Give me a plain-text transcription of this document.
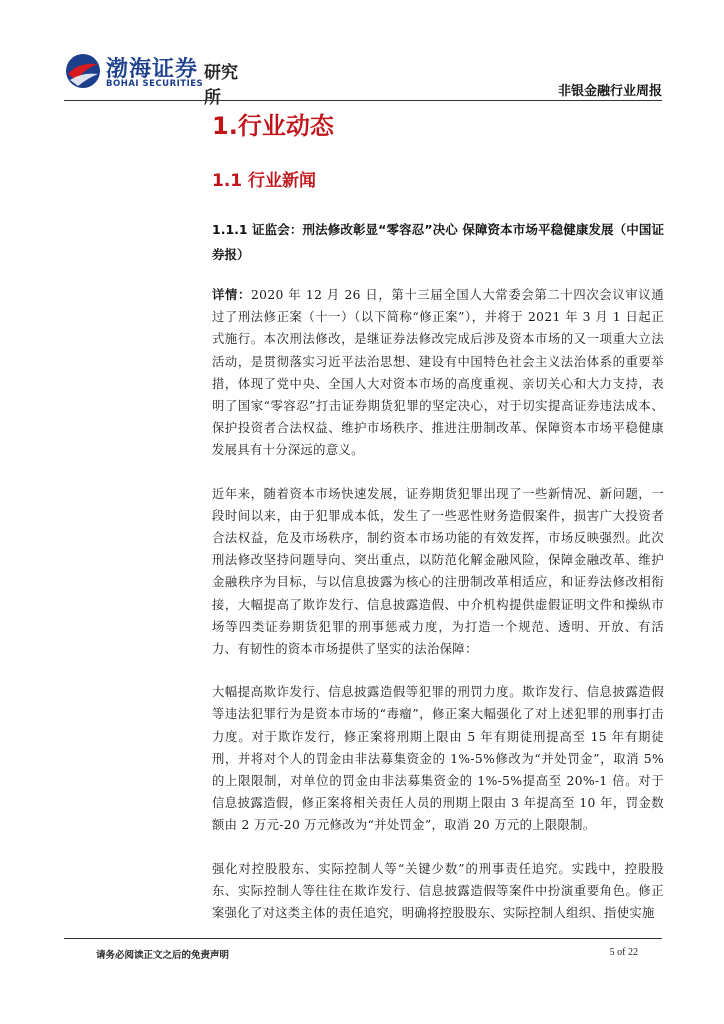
渤海证券
BOHAI SECURITIES
研究所	非银金融行业周报
1.行业动态
1.1 行业新闻
1.1.1 证监会：刑法修改彰显“零容忍”决心 保障资本市场平稳健康发展（中国证券报）

详情：2020 年 12 月 26 日，第十三届全国人大常委会第二十四次会议审议通过了刑法修正案（十一）（以下简称“修正案”），并将于 2021 年 3 月 1 日起正式施行。本次刑法修改，是继证券法修改完成后涉及资本市场的又一项重大立法活动，是贯彻落实习近平法治思想、建设有中国特色社会主义法治体系的重要举措，体现了党中央、全国人大对资本市场的高度重视、亲切关心和大力支持，表明了国家“零容忍”打击证券期货犯罪的坚定决心，对于切实提高证券违法成本、保护投资者合法权益、维护市场秩序、推进注册制改革、保障资本市场平稳健康发展具有十分深远的意义。

近年来，随着资本市场快速发展，证券期货犯罪出现了一些新情况、新问题，一段时间以来，由于犯罪成本低，发生了一些恶性财务造假案件，损害广大投资者合法权益，危及市场秩序，制约资本市场功能的有效发挥，市场反映强烈。此次刑法修改坚持问题导向、突出重点，以防范化解金融风险，保障金融改革、维护金融秩序为目标，与以信息披露为核心的注册制改革相适应，和证券法修改相衔接，大幅提高了欺诈发行、信息披露造假、中介机构提供虚假证明文件和操纵市场等四类证券期货犯罪的刑事惩戒力度，为打造一个规范、透明、开放、有活力、有韧性的资本市场提供了坚实的法治保障：

大幅提高欺诈发行、信息披露造假等犯罪的刑罚力度。欺诈发行、信息披露造假等违法犯罪行为是资本市场的“毒瘤”，修正案大幅强化了对上述犯罪的刑事打击力度。对于欺诈发行，修正案将刑期上限由 5 年有期徒刑提高至 15 年有期徒刑，并将对个人的罚金由非法募集资金的 1%-5%修改为“并处罚金”，取消 5%的上限限制，对单位的罚金由非法募集资金的 1%-5%提高至 20%-1 倍。对于信息披露造假，修正案将相关责任人员的刑期上限由 3 年提高至 10 年，罚金数额由 2 万元-20 万元修改为“并处罚金”，取消 20 万元的上限限制。

强化对控股股东、实际控制人等“关键少数”的刑事责任追究。实践中，控股股东、实际控制人等往往在欺诈发行、信息披露造假等案件中扮演重要角色。修正案强化了对这类主体的责任追究，明确将控股股东、实际控制人组织、指使实施

请务必阅读正文之后的免责声明	5 of 22
